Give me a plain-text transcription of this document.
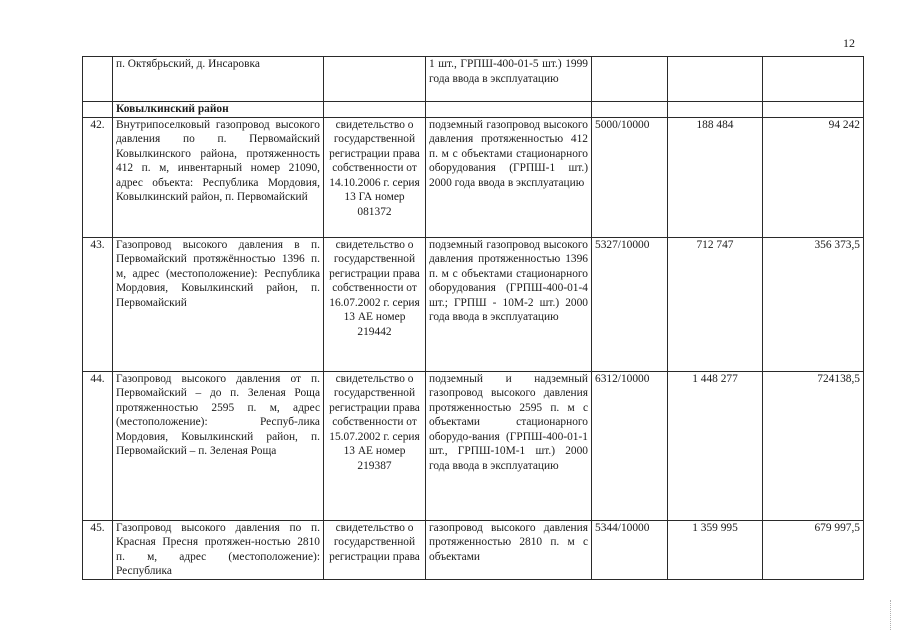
12
	п. Октябрьский, д. Инсаровка		1 шт., ГРПШ-400-01-5 шт.) 1999 года ввода в эксплуатацию			
	Ковылкинский район					
42.	Внутрипоселковый газопровод высокого давления по п. Первомайский Ковылкинского района, протяженность 412 п. м, инвентарный номер 21090, адрес объекта: Республика Мордовия, Ковылкинский район, п. Первомайский	свидетельство о государственной регистрации права собственности от 14.10.2006 г. серия 13 ГА номер 081372	подземный газопровод высокого давления протяженностью 412 п. м с объектами стационарного оборудования (ГРПШ-1 шт.) 2000 года ввода в эксплуатацию	5000/10000	188 484	94 242
43.	Газопровод высокого давления в п. Первомайский протяжённостью 1396 п. м, адрес (местоположение): Республика Мордовия, Ковылкинский район, п. Первомайский	свидетельство о государственной регистрации права собственности от 16.07.2002 г. серия 13 АЕ номер 219442	подземный газопровод высокого давления протяженностью 1396 п. м с объектами стационарного оборудования (ГРПШ-400-01-4 шт.; ГРПШ - 10М-2 шт.) 2000 года ввода в эксплуатацию	5327/10000	712 747	356 373,5
44.	Газопровод высокого давления от п. Первомайский – до п. Зеленая Роща протяженностью 2595 п. м, адрес (местоположение): Респуб-лика Мордовия, Ковылкинский район, п. Первомайский – п. Зеленая Роща	свидетельство о государственной регистрации права собственности от 15.07.2002 г. серия 13 АЕ номер 219387	подземный и надземный газопровод высокого давления протяженностью 2595 п. м с объектами стационарного оборудо-вания (ГРПШ-400-01-1 шт., ГРПШ-10М-1 шт.) 2000 года ввода в эксплуатацию	6312/10000	1 448 277	724138,5
45.	Газопровод высокого давления по п. Красная Пресня протяжен-ностью 2810 п. м, адрес (местоположение): Республика	свидетельство о государственной регистрации права	газопровод высокого давления протяженностью 2810 п. м с объектами	5344/10000	1 359 995	679 997,5
